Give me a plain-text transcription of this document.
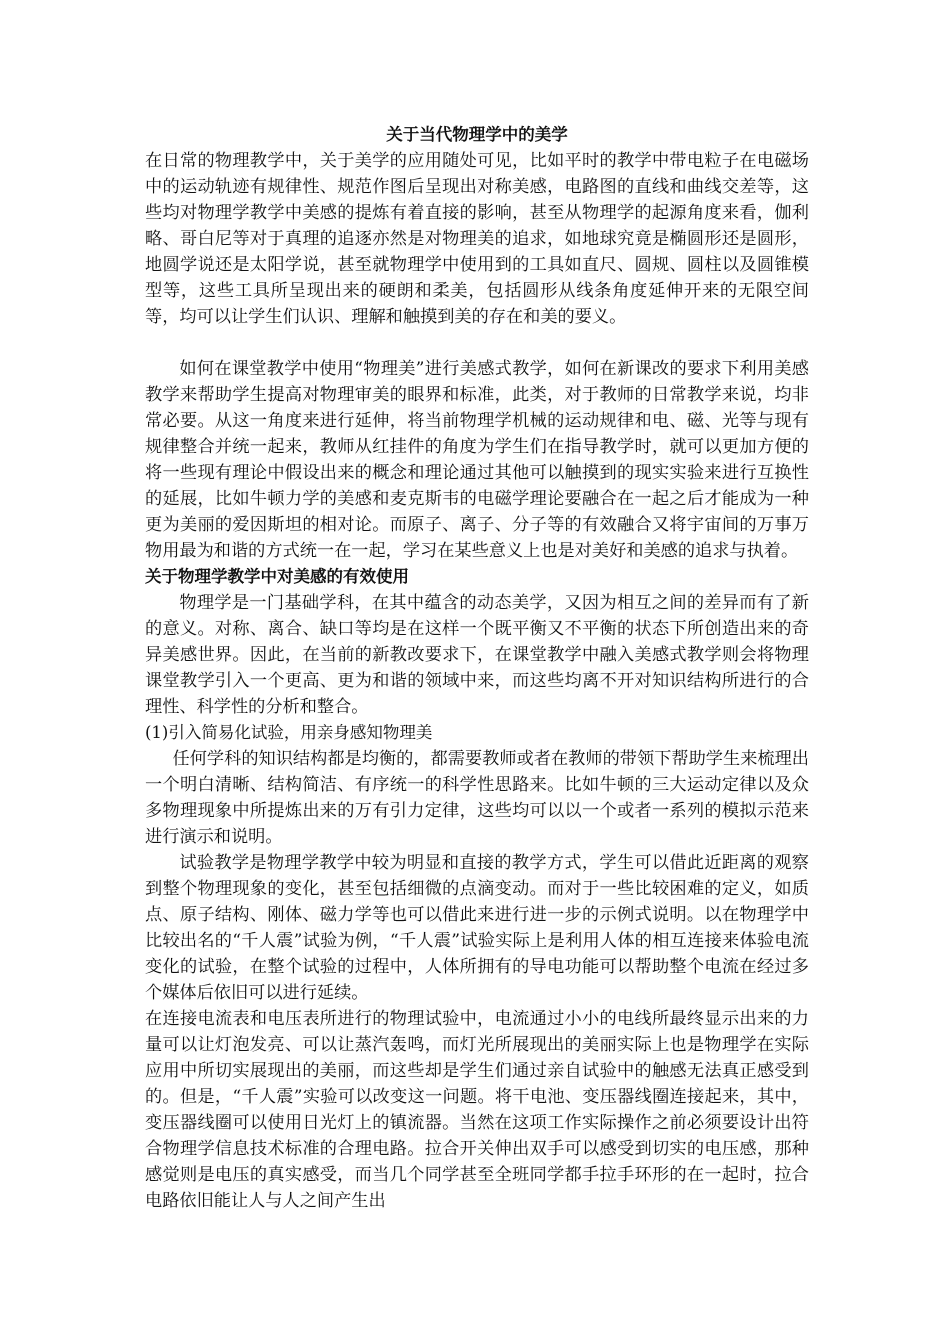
关于当代物理学中的美学

在日常的物理教学中，关于美学的应用随处可见，比如平时的教学中带电粒子在电磁场中的运动轨迹有规律性、规范作图后呈现出对称美感，电路图的直线和曲线交差等，这些均对物理学教学中美感的提炼有着直接的影响，甚至从物理学的起源角度来看，伽利略、哥白尼等对于真理的追逐亦然是对物理美的追求，如地球究竟是椭圆形还是圆形，地圆学说还是太阳学说，甚至就物理学中使用到的工具如直尺、圆规、圆柱以及圆锥模型等，这些工具所呈现出来的硬朗和柔美，包括圆形从线条角度延伸开来的无限空间等，均可以让学生们认识、理解和触摸到美的存在和美的要义。

如何在课堂教学中使用“物理美”进行美感式教学，如何在新课改的要求下利用美感教学来帮助学生提高对物理审美的眼界和标准，此类，对于教师的日常教学来说，均非常必要。从这一角度来进行延伸，将当前物理学机械的运动规律和电、磁、光等与现有规律整合并统一起来，教师从红挂件的角度为学生们在指导教学时，就可以更加方便的将一些现有理论中假设出来的概念和理论通过其他可以触摸到的现实实验来进行互换性的延展，比如牛顿力学的美感和麦克斯韦的电磁学理论要融合在一起之后才能成为一种更为美丽的爱因斯坦的相对论。而原子、离子、分子等的有效融合又将宇宙间的万事万物用最为和谐的方式统一在一起，学习在某些意义上也是对美好和美感的追求与执着。

关于物理学教学中对美感的有效使用

物理学是一门基础学科，在其中蕴含的动态美学，又因为相互之间的差异而有了新的意义。对称、离合、缺口等均是在这样一个既平衡又不平衡的状态下所创造出来的奇异美感世界。因此，在当前的新教改要求下，在课堂教学中融入美感式教学则会将物理课堂教学引入一个更高、更为和谐的领域中来，而这些均离不开对知识结构所进行的合理性、科学性的分析和整合。

(1)引入简易化试验，用亲身感知物理美

任何学科的知识结构都是均衡的，都需要教师或者在教师的带领下帮助学生来梳理出一个明白清晰、结构简洁、有序统一的科学性思路来。比如牛顿的三大运动定律以及众多物理现象中所提炼出来的万有引力定律，这些均可以以一个或者一系列的模拟示范来进行演示和说明。

试验教学是物理学教学中较为明显和直接的教学方式，学生可以借此近距离的观察到整个物理现象的变化，甚至包括细微的点滴变动。而对于一些比较困难的定义，如质点、原子结构、刚体、磁力学等也可以借此来进行进一步的示例式说明。以在物理学中比较出名的“千人震”试验为例，“千人震”试验实际上是利用人体的相互连接来体验电流变化的试验，在整个试验的过程中，人体所拥有的导电功能可以帮助整个电流在经过多个媒体后依旧可以进行延续。

在连接电流表和电压表所进行的物理试验中，电流通过小小的电线所最终显示出来的力量可以让灯泡发亮、可以让蒸汽轰鸣，而灯光所展现出的美丽实际上也是物理学在实际应用中所切实展现出的美丽，而这些却是学生们通过亲自试验中的触感无法真正感受到的。但是，“千人震”实验可以改变这一问题。将干电池、变压器线圈连接起来，其中，变压器线圈可以使用日光灯上的镇流器。当然在这项工作实际操作之前必须要设计出符合物理学信息技术标准的合理电路。拉合开关伸出双手可以感受到切实的电压感，那种感觉则是电压的真实感受，而当几个同学甚至全班同学都手拉手环形的在一起时，拉合电路依旧能让人与人之间产生出
